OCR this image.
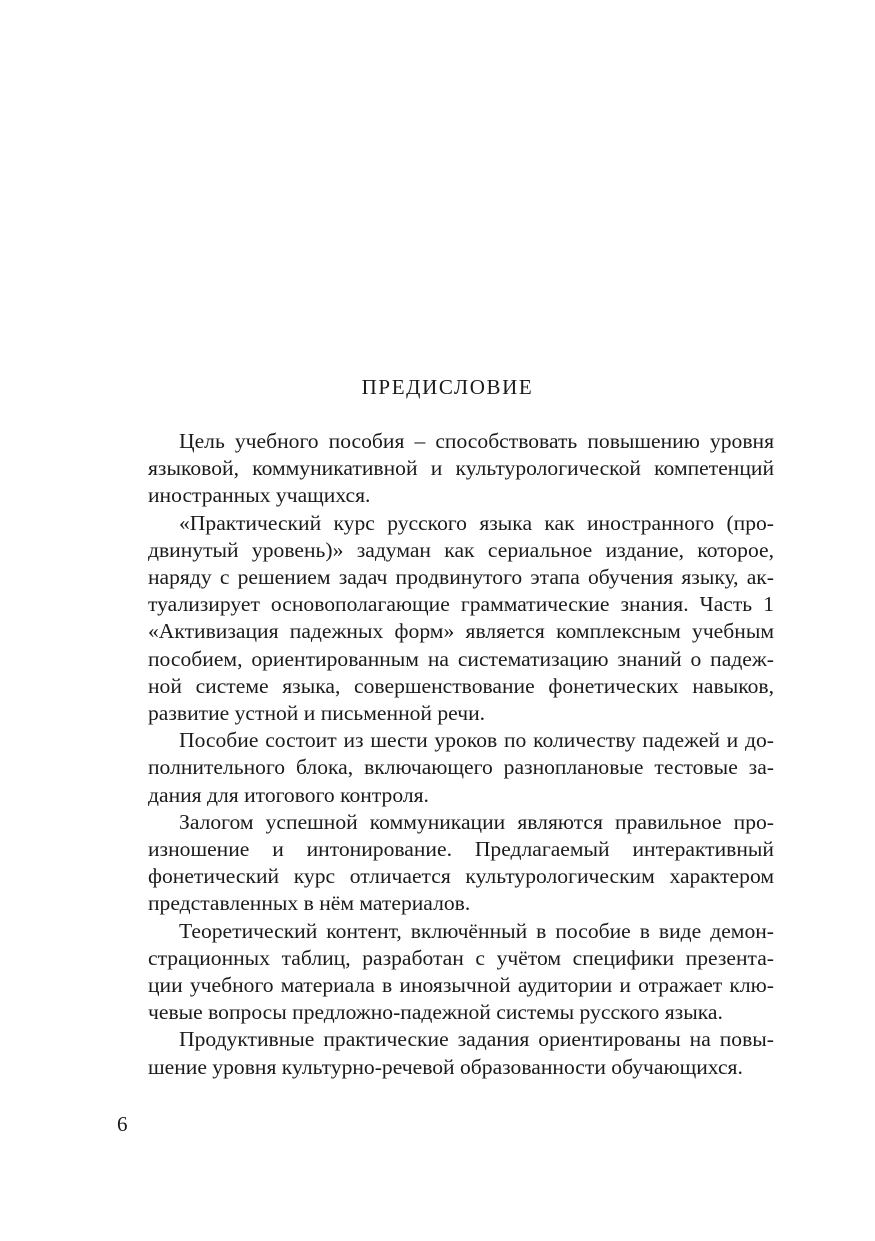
ПРЕДИСЛОВИЕ
Цель учебного пособия – способствовать повышению уровня
языковой, коммуникативной и культурологической компетенций
иностранных учащихся.
«Практический курс русского языка как иностранного (про-
двинутый уровень)» задуман как сериальное издание, которое,
наряду с решением задач продвинутого этапа обучения языку, ак-
туализирует основополагающие грамматические знания. Часть 1
«Активизация падежных форм» является комплексным учебным
пособием, ориентированным на систематизацию знаний о падеж-
ной системе языка, совершенствование фонетических навыков,
развитие устной и письменной речи.
Пособие состоит из шести уроков по количеству падежей и до-
полнительного блока, включающего разноплановые тестовые за-
дания для итогового контроля.
Залогом успешной коммуникации являются правильное про-
изношение и интонирование. Предлагаемый интерактивный
фонетический курс отличается культурологическим характером
представленных в нём материалов.
Теоретический контент, включённый в пособие в виде демон-
страционных таблиц, разработан с учётом специфики презента-
ции учебного материала в иноязычной аудитории и отражает клю-
чевые вопросы предложно-падежной системы русского языка.
Продуктивные практические задания ориентированы на повы-
шение уровня культурно-речевой образованности обучающихся.
6
